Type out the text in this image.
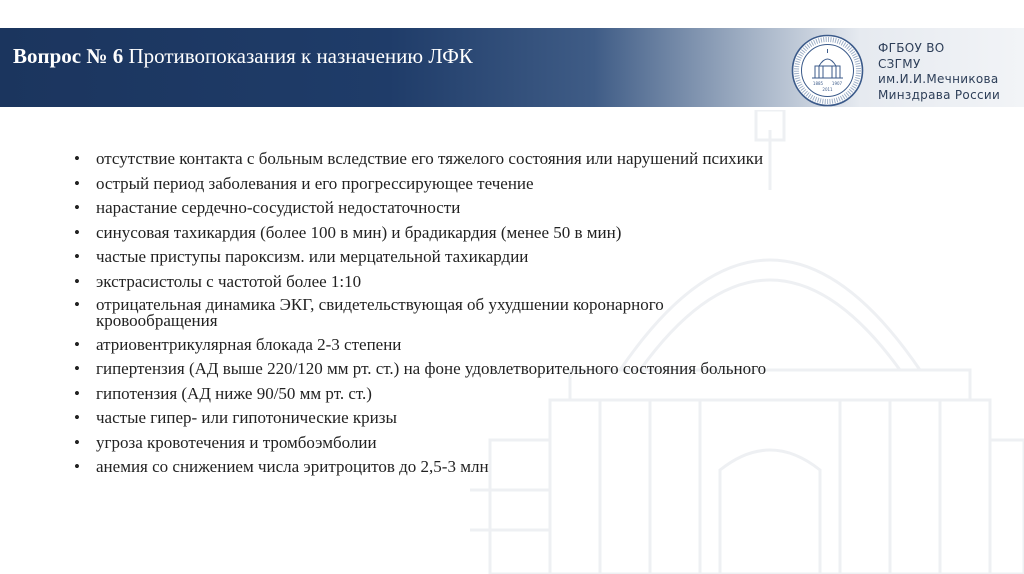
Вопрос № 6 Противопоказания к назначению ЛФК
1885 1907
2011
ФГБОУ ВО
СЗГМУ
им.И.И.Мечникова
Минздрава России
• отсутствие контакта с больным вследствие его тяжелого состояния или нарушений психики
• острый период заболевания и его прогрессирующее течение
• нарастание сердечно-сосудистой недостаточности
• синусовая тахикардия (более 100 в мин) и брадикардия (менее 50 в мин)
• частые приступы пароксизм. или мерцательной тахикардии
• экстрасистолы с частотой более 1:10
• отрицательная динамика ЭКГ, свидетельствующая об ухудшении коронарного
кровообращения
• атриовентрикулярная блокада 2-3 степени
• гипертензия (АД выше 220/120 мм рт. ст.) на фоне удовлетворительного состояния больного
• гипотензия (АД ниже 90/50 мм рт. ст.)
• частые гипер- или гипотонические кризы
• угроза кровотечения и тромбоэмболии
• анемия со снижением числа эритроцитов до 2,5-3 млн
